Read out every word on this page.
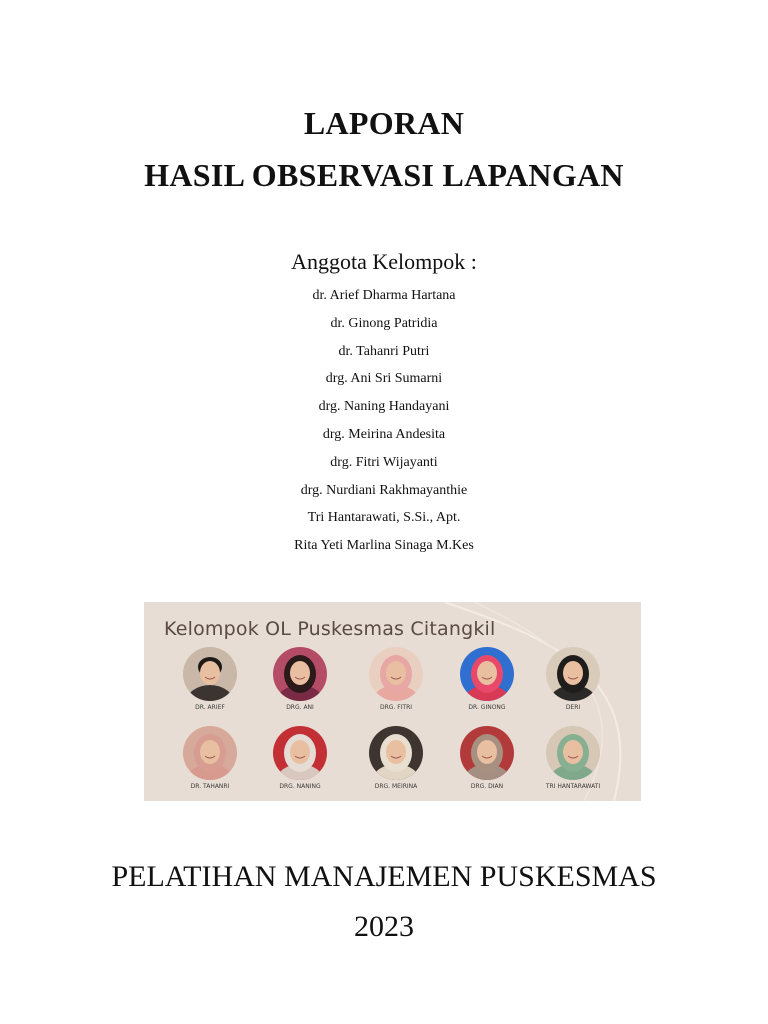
LAPORAN
HASIL OBSERVASI LAPANGAN
Anggota Kelompok :
dr. Arief Dharma Hartana
dr. Ginong Patridia
dr. Tahanri Putri
drg. Ani Sri Sumarni
drg. Naning Handayani
drg. Meirina Andesita
drg. Fitri Wijayanti
drg. Nurdiani Rakhmayanthie
Tri Hantarawati, S.Si., Apt.
Rita Yeti Marlina Sinaga M.Kes
Kelompok OL Puskesmas Citangkil
DR. ARIEF	DRG. ANI	DRG. FITRI	DR. GINONG	DERI
DR. TAHANRI	DRG. NANING	DRG. MEIRINA	DRG. DIAN	TRI HANTARAWATI
PELATIHAN MANAJEMEN PUSKESMAS
2023
